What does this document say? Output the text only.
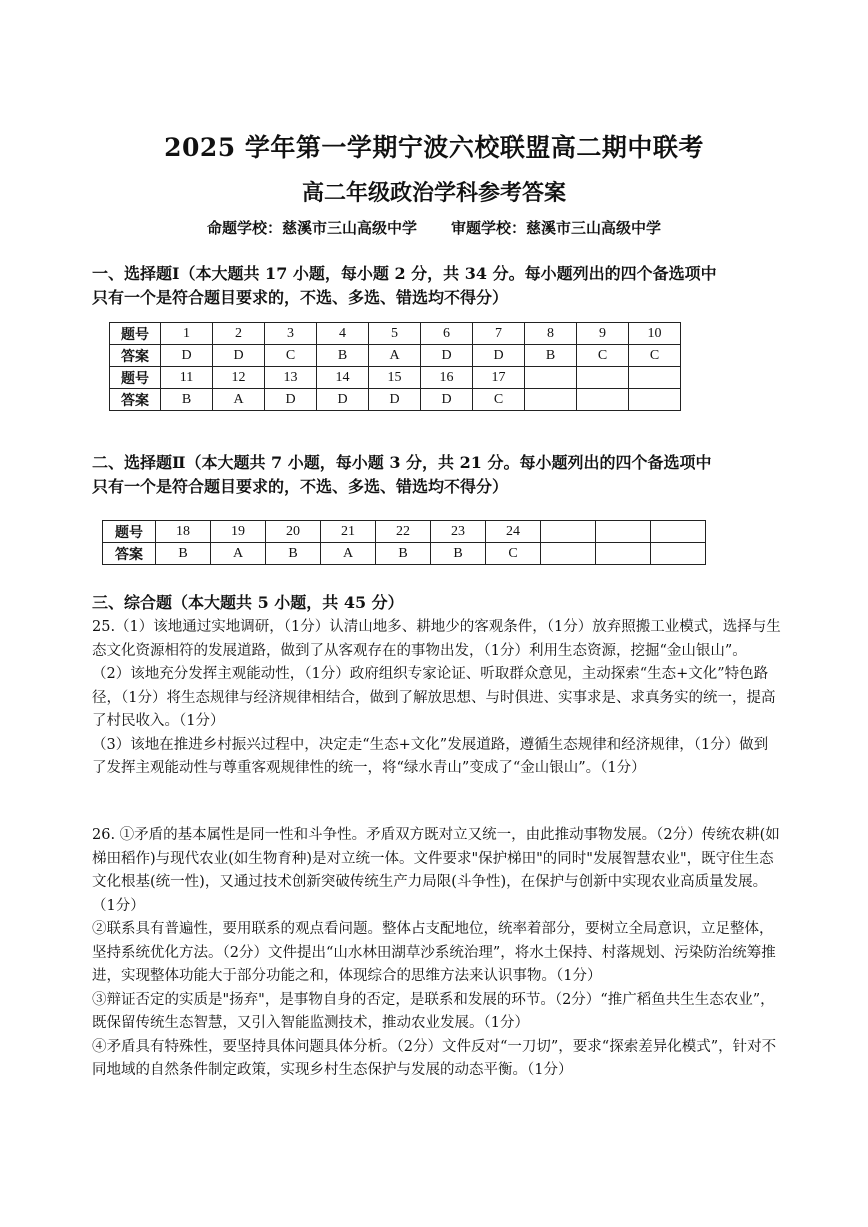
2025 学年第一学期宁波六校联盟高二期中联考
高二年级政治学科参考答案
命题学校：慈溪市三山高级中学 审题学校：慈溪市三山高级中学
一、选择题Ⅰ（本大题共 17 小题，每小题 2 分，共 34 分。每小题列出的四个备选项中
只有一个是符合题目要求的，不选、多选、错选均不得分）
题号	1	2	3	4	5	6	7	8	9	10
答案	D	D	C	B	A	D	D	B	C	C
题号	11	12	13	14	15	16	17			
答案	B	A	D	D	D	D	C			
二、选择题Ⅱ（本大题共 7 小题，每小题 3 分，共 21 分。每小题列出的四个备选项中
只有一个是符合题目要求的，不选、多选、错选均不得分）
题号	18	19	20	21	22	23	24			
答案	B	A	B	A	B	B	C			
三、综合题（本大题共 5 小题，共 45 分）

25.（1）该地通过实地调研，（1分）认清山地多、耕地少的客观条件，（1分）放弃照搬工业模式，选择与生态文化资源相符的发展道路，做到了从客观存在的事物出发，（1分）利用生态资源，挖掘“金山银山”。

（2）该地充分发挥主观能动性，（1分）政府组织专家论证、听取群众意见，主动探索“生态+文化”特色路径，（1分）将生态规律与经济规律相结合，做到了解放思想、与时俱进、实事求是、求真务实的统一，提高了村民收入。（1分）

（3）该地在推进乡村振兴过程中，决定走“生态+文化”发展道路，遵循生态规律和经济规律，（1分）做到了发挥主观能动性与尊重客观规律性的统一，将“绿水青山”变成了“金山银山”。（1分）

26. ①矛盾的基本属性是同一性和斗争性。矛盾双方既对立又统一，由此推动事物发展。（2分）传统农耕(如梯田稻作)与现代农业(如生物育种)是对立统一体。文件要求"保护梯田"的同时"发展智慧农业"，既守住生态文化根基(统一性)，又通过技术创新突破传统生产力局限(斗争性)，在保护与创新中实现农业高质量发展。（1分）

②联系具有普遍性，要用联系的观点看问题。整体占支配地位，统率着部分，要树立全局意识，立足整体，坚持系统优化方法。（2分）文件提出“山水林田湖草沙系统治理”，将水土保持、村落规划、污染防治统筹推进，实现整体功能大于部分功能之和，体现综合的思维方法来认识事物。（1分）

③辩证否定的实质是"扬弃"，是事物自身的否定，是联系和发展的环节。（2分）“推广稻鱼共生生态农业”，既保留传统生态智慧，又引入智能监测技术，推动农业发展。（1分）

④矛盾具有特殊性，要坚持具体问题具体分析。（2分）文件反对“一刀切”，要求“探索差异化模式”，针对不同地域的自然条件制定政策，实现乡村生态保护与发展的动态平衡。（1分）
